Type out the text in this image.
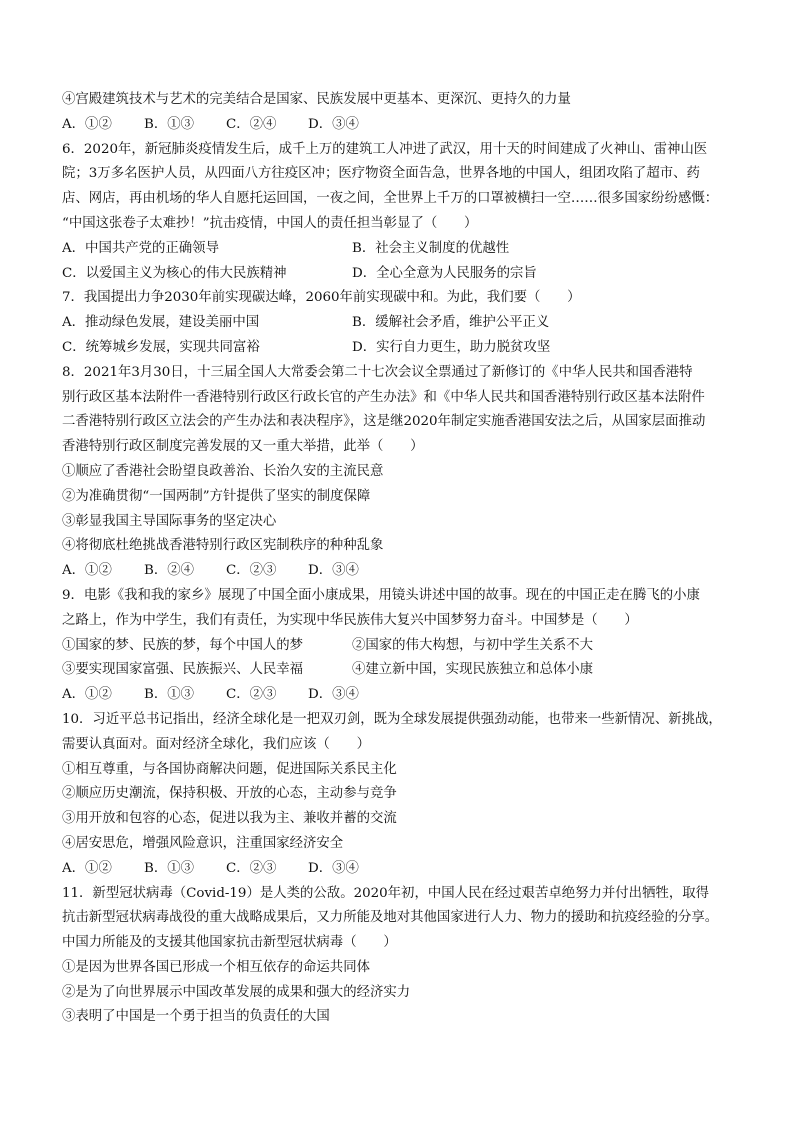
④宫殿建筑技术与艺术的完美结合是国家、民族发展中更基本、更深沉、更持久的力量
A．①②	B．①③	C．②④	D．③④
6．2020年，新冠肺炎疫情发生后，成千上万的建筑工人冲进了武汉，用十天的时间建成了火神山、雷神山医
院；3万多名医护人员，从四面八方往疫区冲；医疗物资全面告急，世界各地的中国人，组团攻陷了超市、药
店、网店，再由机场的华人自愿托运回国，一夜之间，全世界上千万的口罩被横扫一空……很多国家纷纷感慨：
“中国这张卷子太难抄！”抗击疫情，中国人的责任担当彰显了（　　）
A．中国共产党的正确领导	B．社会主义制度的优越性
C．以爱国主义为核心的伟大民族精神	D．全心全意为人民服务的宗旨
7．我国提出力争2030年前实现碳达峰，2060年前实现碳中和。为此，我们要（　　）
A．推动绿色发展，建设美丽中国	B．缓解社会矛盾，维护公平正义
C．统筹城乡发展，实现共同富裕	D．实行自力更生，助力脱贫攻坚
8．2021年3月30日，十三届全国人大常委会第二十七次会议全票通过了新修订的《中华人民共和国香港特
别行政区基本法附件一香港特别行政区行政长官的产生办法》和《中华人民共和国香港特别行政区基本法附件
二香港特别行政区立法会的产生办法和表决程序》，这是继2020年制定实施香港国安法之后，从国家层面推动
香港特别行政区制度完善发展的又一重大举措，此举（　　）
①顺应了香港社会盼望良政善治、长治久安的主流民意
②为准确贯彻“一国两制”方针提供了坚实的制度保障
③彰显我国主导国际事务的坚定决心
④将彻底杜绝挑战香港特别行政区宪制秩序的种种乱象
A．①②	B．②④	C．②③	D．③④
9．电影《我和我的家乡》展现了中国全面小康成果，用镜头讲述中国的故事。现在的中国正走在腾飞的小康
之路上，作为中学生，我们有责任，为实现中华民族伟大复兴中国梦努力奋斗。中国梦是（　　）
①国家的梦、民族的梦，每个中国人的梦	②国家的伟大构想，与初中学生关系不大
③要实现国家富强、民族振兴、人民幸福	④建立新中国，实现民族独立和总体小康
A．①②	B．①③	C．②③	D．③④
10．习近平总书记指出，经济全球化是一把双刃剑，既为全球发展提供强劲动能，也带来一些新情况、新挑战，
需要认真面对。面对经济全球化，我们应该（　　）
①相互尊重，与各国协商解决问题，促进国际关系民主化
②顺应历史潮流，保持积极、开放的心态，主动参与竞争
③用开放和包容的心态，促进以我为主、兼收并蓄的交流
④居安思危，增强风险意识，注重国家经济安全
A．①②	B．①③	C．②③	D．③④
11．新型冠状病毒（Covid-19）是人类的公敌。2020年初，中国人民在经过艰苦卓绝努力并付出牺牲，取得
抗击新型冠状病毒战役的重大战略成果后，又力所能及地对其他国家进行人力、物力的援助和抗疫经验的分享。
中国力所能及的支援其他国家抗击新型冠状病毒（　　）
①是因为世界各国已形成一个相互依存的命运共同体
②是为了向世界展示中国改革发展的成果和强大的经济实力
③表明了中国是一个勇于担当的负责任的大国
